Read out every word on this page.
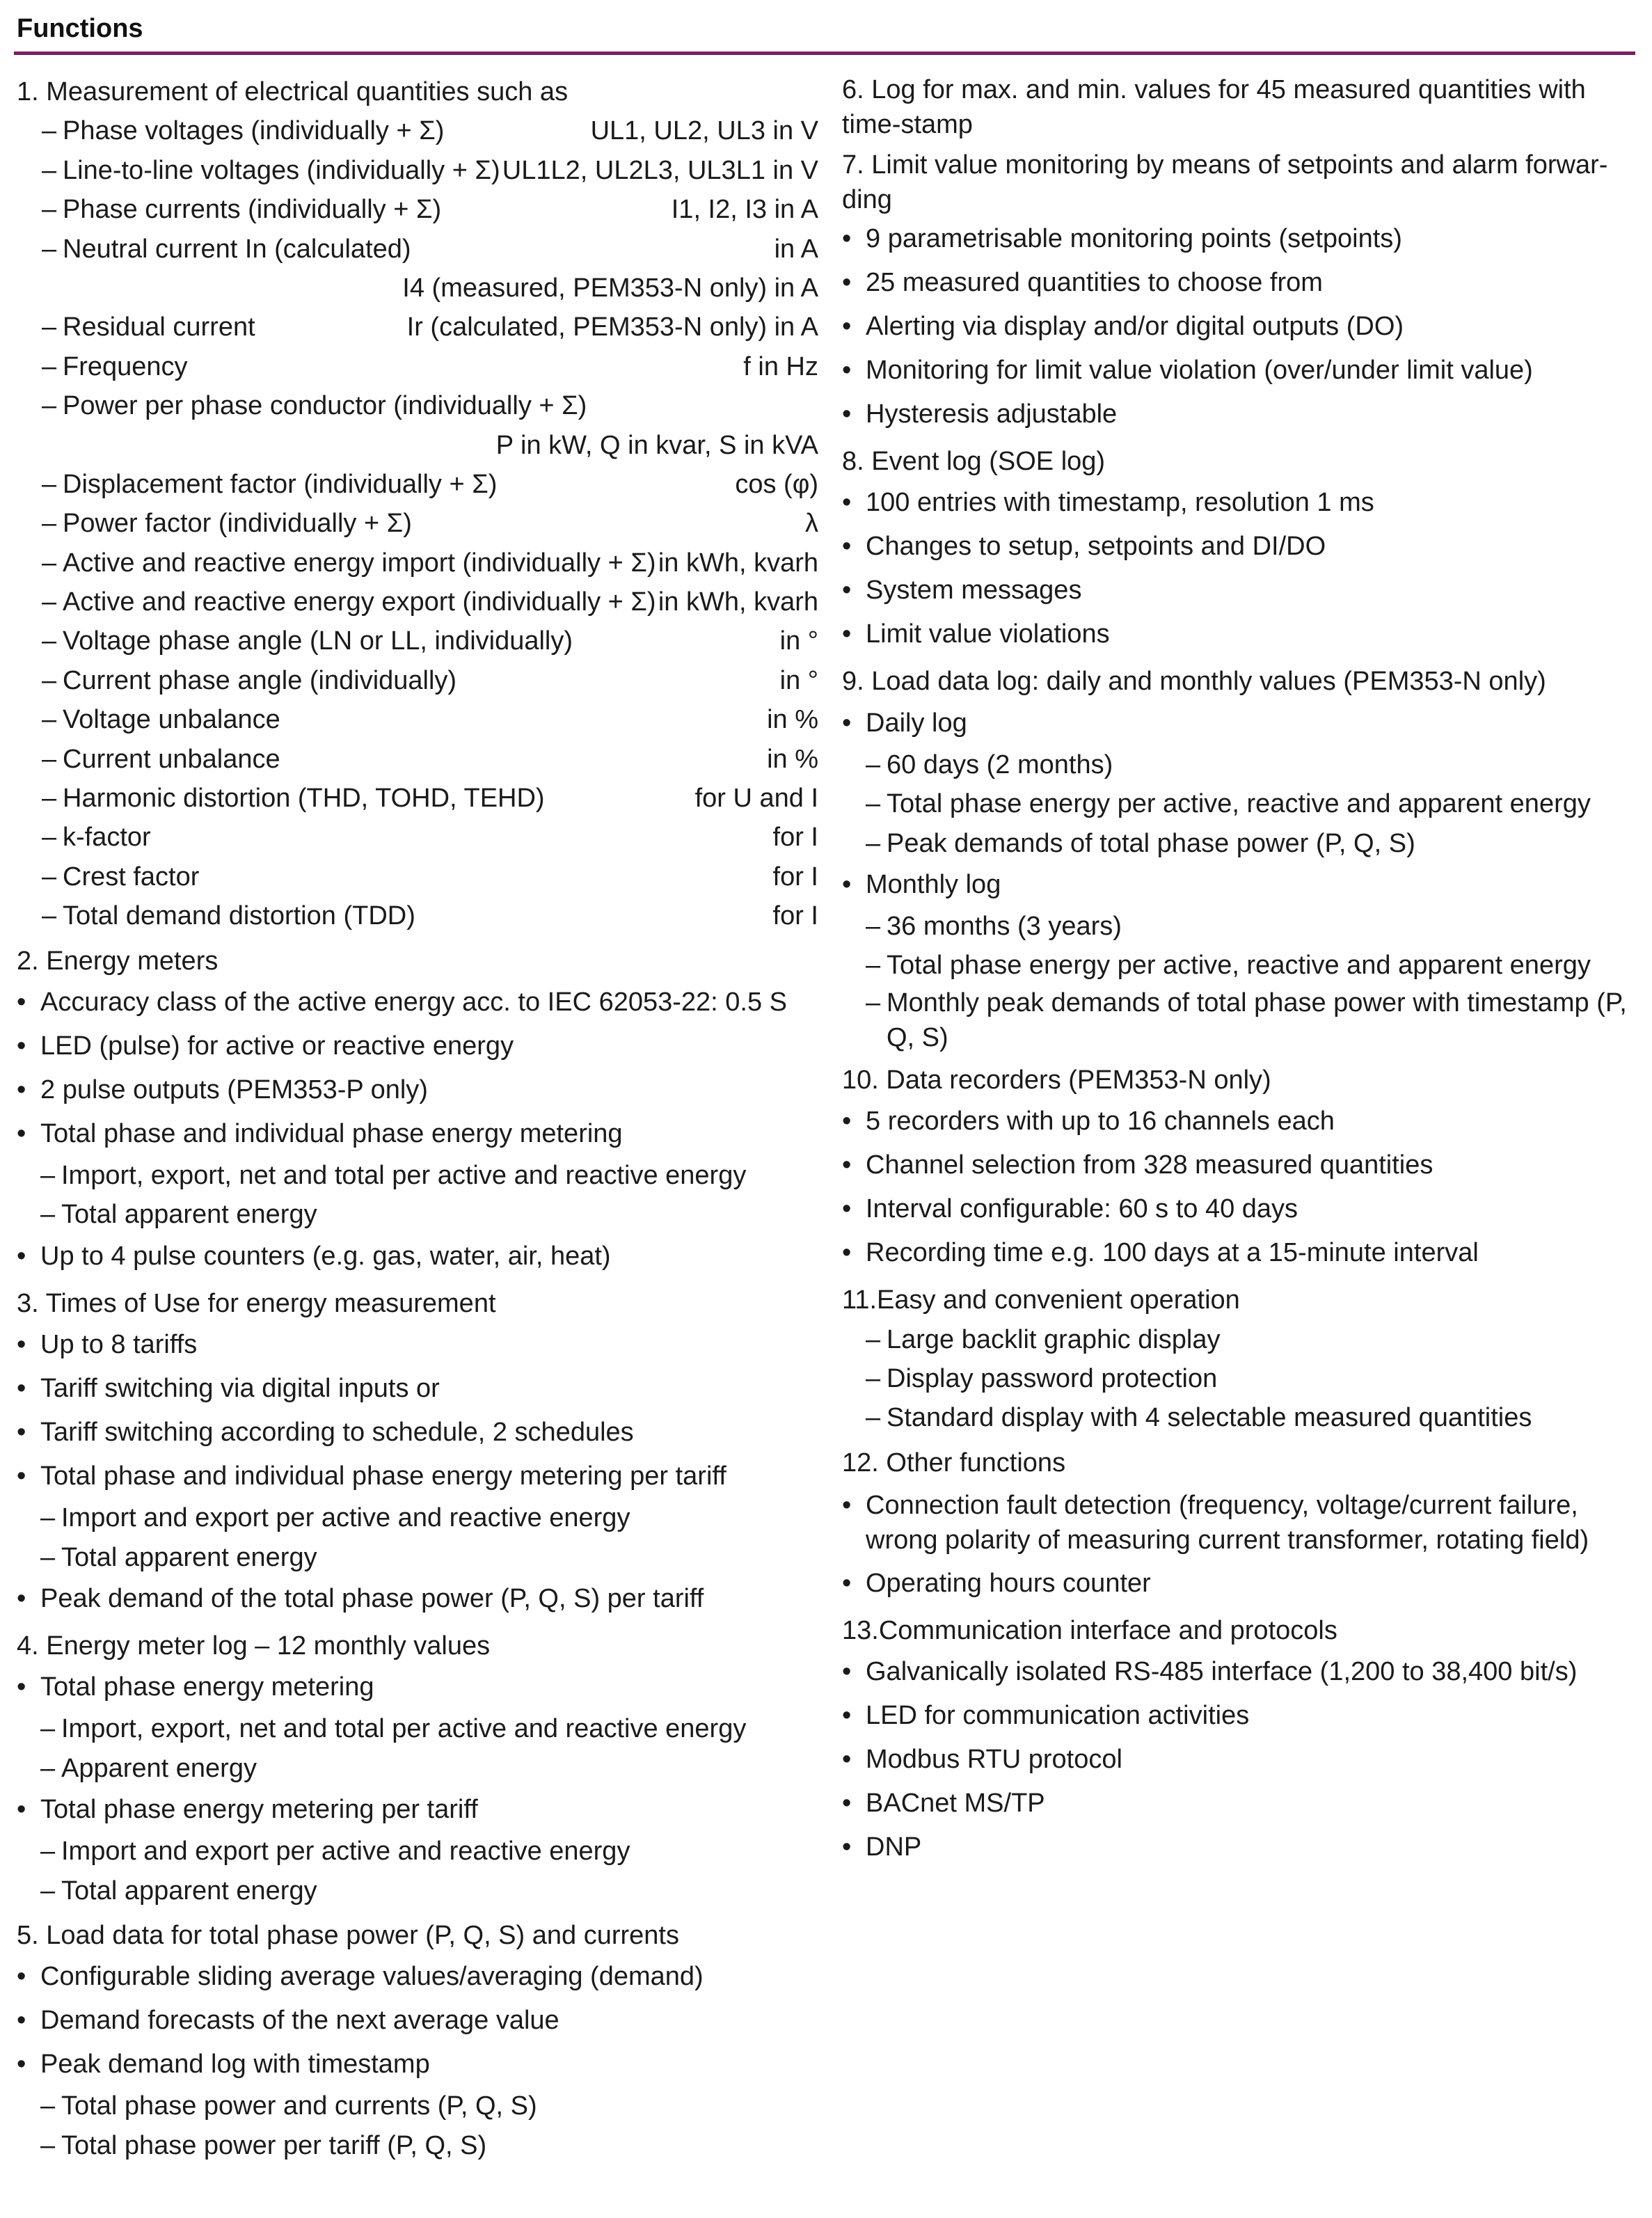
Functions
1. Measurement of electrical quantities such as
– Phase voltages (individually + Σ)	UL1, UL2, UL3 in V
– Line-to-line voltages (individually + Σ) UL1L2, UL2L3, UL3L1 in V
– Phase currents (individually + Σ)	I1, I2, I3 in A
– Neutral current In (calculated)	in A
I4 (measured, PEM353-N only) in A
– Residual current	Ir (calculated, PEM353-N only) in A
– Frequency	f in Hz
– Power per phase conductor (individually + Σ)
P in kW, Q in kvar, S in kVA
– Displacement factor (individually + Σ)	cos (φ)
– Power factor (individually + Σ)	λ
– Active and reactive energy import (individually + Σ) in kWh, kvarh
– Active and reactive energy export (individually + Σ) in kWh, kvarh
– Voltage phase angle (LN or LL, individually)	in °
– Current phase angle (individually)	in °
– Voltage unbalance	in %
– Current unbalance	in %
– Harmonic distortion (THD, TOHD, TEHD)	for U and I
– k-factor	for I
– Crest factor	for I
– Total demand distortion (TDD)	for I
2. Energy meters
• Accuracy class of the active energy acc. to IEC 62053-22: 0.5 S
• LED (pulse) for active or reactive energy
• 2 pulse outputs (PEM353-P only)
• Total phase and individual phase energy metering
– Import, export, net and total per active and reactive energy
– Total apparent energy
• Up to 4 pulse counters (e.g. gas, water, air, heat)
3. Times of Use for energy measurement
• Up to 8 tariffs
• Tariff switching via digital inputs or
• Tariff switching according to schedule, 2 schedules
• Total phase and individual phase energy metering per tariff
– Import and export per active and reactive energy
– Total apparent energy
• Peak demand of the total phase power (P, Q, S) per tariff
4. Energy meter log – 12 monthly values
• Total phase energy metering
– Import, export, net and total per active and reactive energy
– Apparent energy
• Total phase energy metering per tariff
– Import and export per active and reactive energy
– Total apparent energy
5. Load data for total phase power (P, Q, S) and currents
• Configurable sliding average values/averaging (demand)
• Demand forecasts of the next average value
• Peak demand log with timestamp
– Total phase power and currents (P, Q, S)
– Total phase power per tariff (P, Q, S)
6. Log for max. and min. values for 45 measured quantities with time-stamp
7. Limit value monitoring by means of setpoints and alarm forwar-ding
• 9 parametrisable monitoring points (setpoints)
• 25 measured quantities to choose from
• Alerting via display and/or digital outputs (DO)
• Monitoring for limit value violation (over/under limit value)
• Hysteresis adjustable
8. Event log (SOE log)
• 100 entries with timestamp, resolution 1 ms
• Changes to setup, setpoints and DI/DO
• System messages
• Limit value violations
9. Load data log: daily and monthly values (PEM353-N only)
• Daily log
– 60 days (2 months)
– Total phase energy per active, reactive and apparent energy
– Peak demands of total phase power (P, Q, S)
• Monthly log
– 36 months (3 years)
– Total phase energy per active, reactive and apparent energy
– Monthly peak demands of total phase power with timestamp (P, Q, S)
10. Data recorders (PEM353-N only)
• 5 recorders with up to 16 channels each
• Channel selection from 328 measured quantities
• Interval configurable: 60 s to 40 days
• Recording time e.g. 100 days at a 15-minute interval
11.Easy and convenient operation
– Large backlit graphic display
– Display password protection
– Standard display with 4 selectable measured quantities
12. Other functions
• Connection fault detection (frequency, voltage/current failure, wrong polarity of measuring current transformer, rotating field)
• Operating hours counter
13.Communication interface and protocols
• Galvanically isolated RS-485 interface (1,200 to 38,400 bit/s)
• LED for communication activities
• Modbus RTU protocol
• BACnet MS/TP
• DNP
